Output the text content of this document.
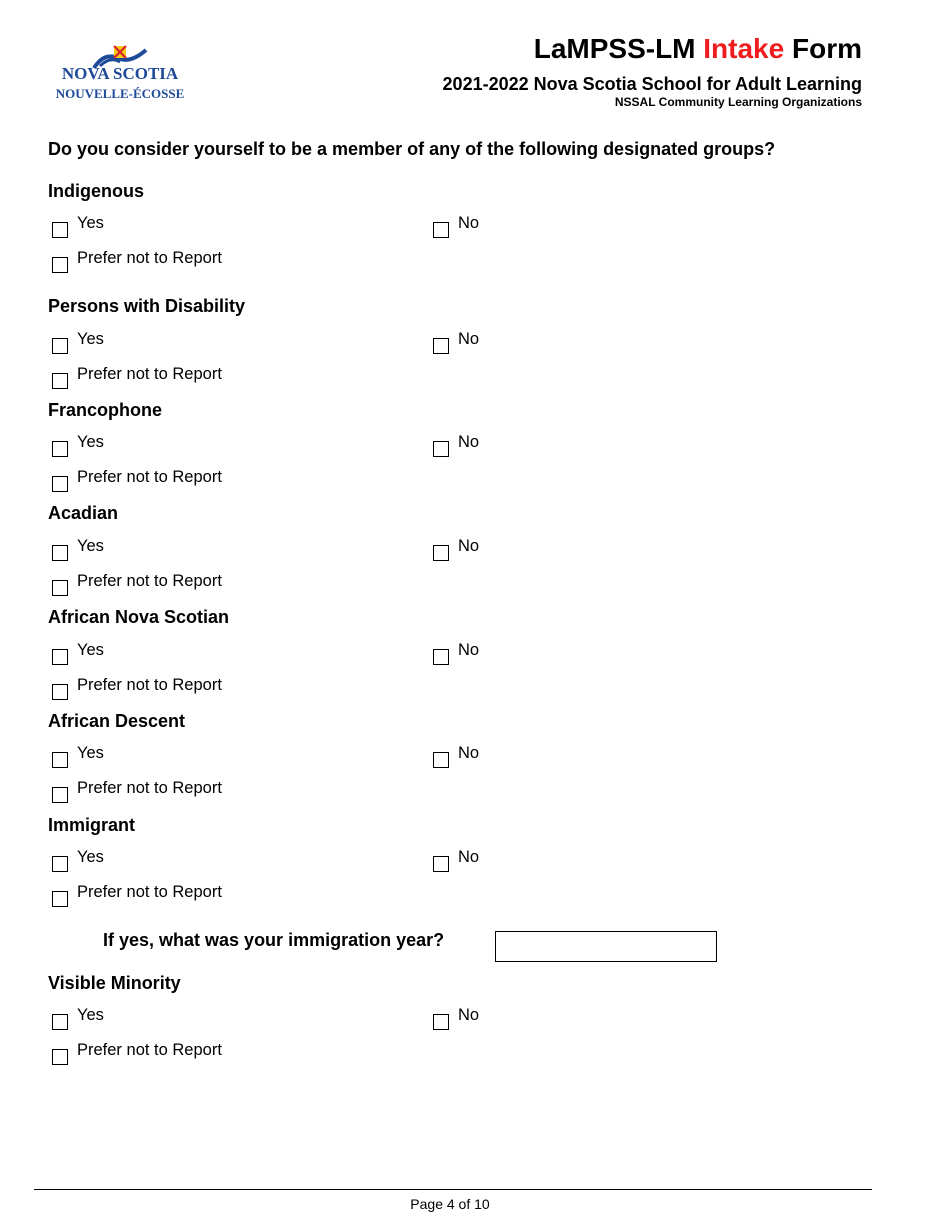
NOVA SCOTIA
NOUVELLE-ÉCOSSE
LaMPSS-LM Intake Form
2021-2022 Nova Scotia School for Adult Learning
NSSAL Community Learning Organizations
Do you consider yourself to be a member of any of the following designated groups?
Indigenous
Yes	No
Prefer not to Report
Persons with Disability
Yes	No
Prefer not to Report
Francophone
Yes	No
Prefer not to Report
Acadian
Yes	No
Prefer not to Report
African Nova Scotian
Yes	No
Prefer not to Report
African Descent
Yes	No
Prefer not to Report
Immigrant
Yes	No
Prefer not to Report
If yes, what was your immigration year?
Visible Minority
Yes	No
Prefer not to Report
Page 4 of 10
